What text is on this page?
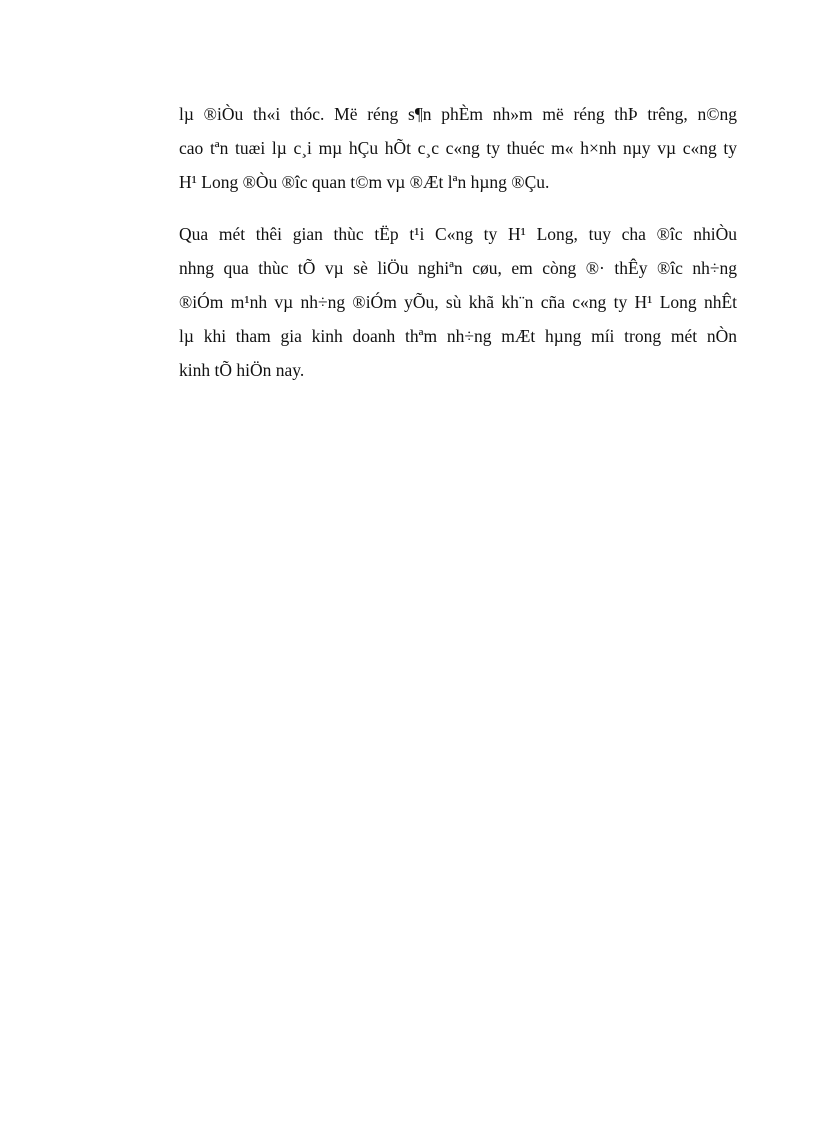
lµ ®iÒu th«i thóc. Më réng s¶n phÈm nh»m më réng thÞ trêng, n©ng
cao tªn tuæi lµ c¸i mµ hÇu hÕt c¸c c«ng ty thuéc m« h×nh nµy vµ c«ng ty
H¹ Long ®Òu ®îc quan t©m vµ ®Æt lªn hµng ®Çu.
Qua mét thêi gian thùc tËp t¹i C«ng ty H¹ Long, tuy cha ®îc nhiÒu
nhng qua thùc tÕ vµ sè liÖu nghiªn cøu, em còng ®· thÊy ®îc nh÷ng
®iÓm m¹nh vµ nh÷ng ®iÓm yÕu, sù khã kh¨n cña c«ng ty H¹ Long nhÊt
lµ khi tham gia kinh doanh thªm nh÷ng mÆt hµng míi trong mét nÒn
kinh tÕ hiÖn nay.
